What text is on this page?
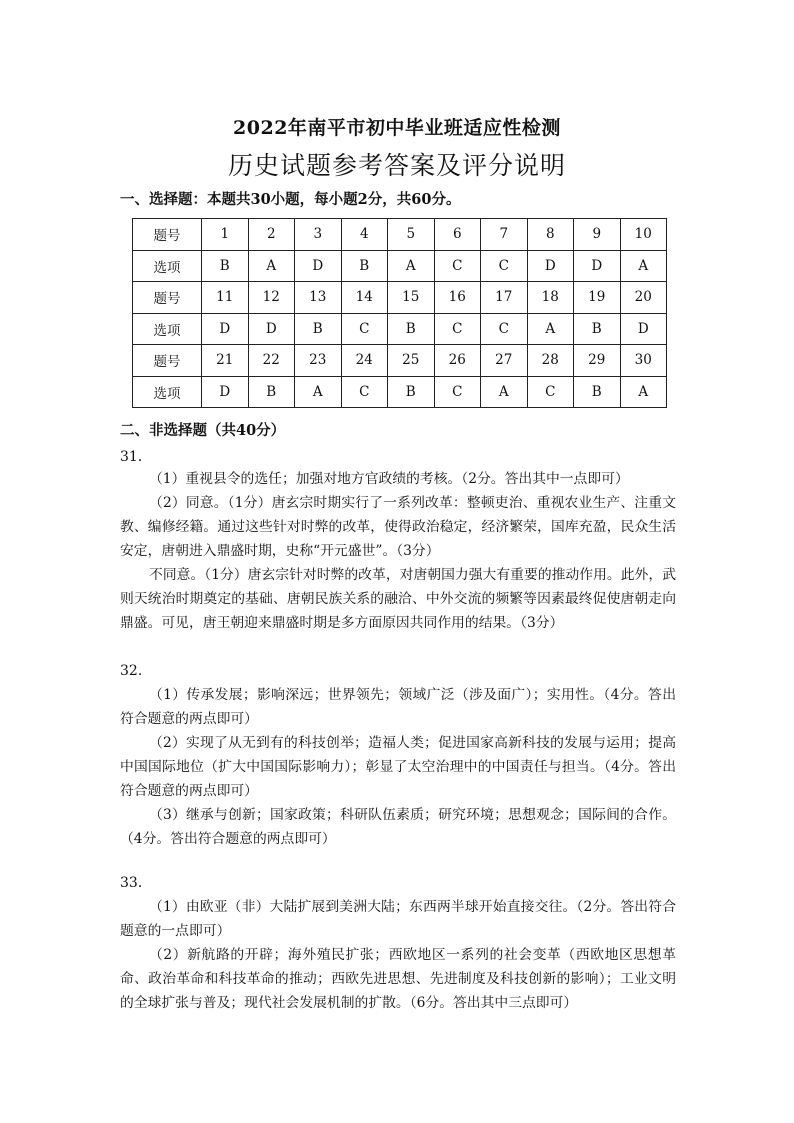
2022年南平市初中毕业班适应性检测
历史试题参考答案及评分说明
一、选择题：本题共30小题，每小题2分，共60分。
题号	1	2	3	4	5	6	7	8	9	10
选项	B	A	D	B	A	C	C	D	D	A
题号	11	12	13	14	15	16	17	18	19	20
选项	D	D	B	C	B	C	C	A	B	D
题号	21	22	23	24	25	26	27	28	29	30
选项	D	B	A	C	B	C	A	C	B	A
二、非选择题（共40分）
31．
（1）重视县令的选任；加强对地方官政绩的考核。（2分。答出其中一点即可）
（2）同意。（1分）唐玄宗时期实行了一系列改革：整顿吏治、重视农业生产、注重文教、编修经籍。通过这些针对时弊的改革，使得政治稳定，经济繁荣，国库充盈，民众生活安定，唐朝进入鼎盛时期，史称“开元盛世”。（3分）
不同意。（1分）唐玄宗针对时弊的改革，对唐朝国力强大有重要的推动作用。此外，武则天统治时期奠定的基础、唐朝民族关系的融洽、中外交流的频繁等因素最终促使唐朝走向鼎盛。可见，唐王朝迎来鼎盛时期是多方面原因共同作用的结果。（3分）
32．
（1）传承发展；影响深远；世界领先；领域广泛（涉及面广）；实用性。（4分。答出符合题意的两点即可）
（2）实现了从无到有的科技创举；造福人类；促进国家高新科技的发展与运用；提高中国国际地位（扩大中国国际影响力）；彰显了太空治理中的中国责任与担当。（4分。答出符合题意的两点即可）
（3）继承与创新；国家政策；科研队伍素质；研究环境；思想观念；国际间的合作。（4分。答出符合题意的两点即可）
33．
（1）由欧亚（非）大陆扩展到美洲大陆；东西两半球开始直接交往。（2分。答出符合题意的一点即可）
（2）新航路的开辟；海外殖民扩张；西欧地区一系列的社会变革（西欧地区思想革命、政治革命和科技革命的推动；西欧先进思想、先进制度及科技创新的影响）；工业文明的全球扩张与普及；现代社会发展机制的扩散。（6分。答出其中三点即可）
